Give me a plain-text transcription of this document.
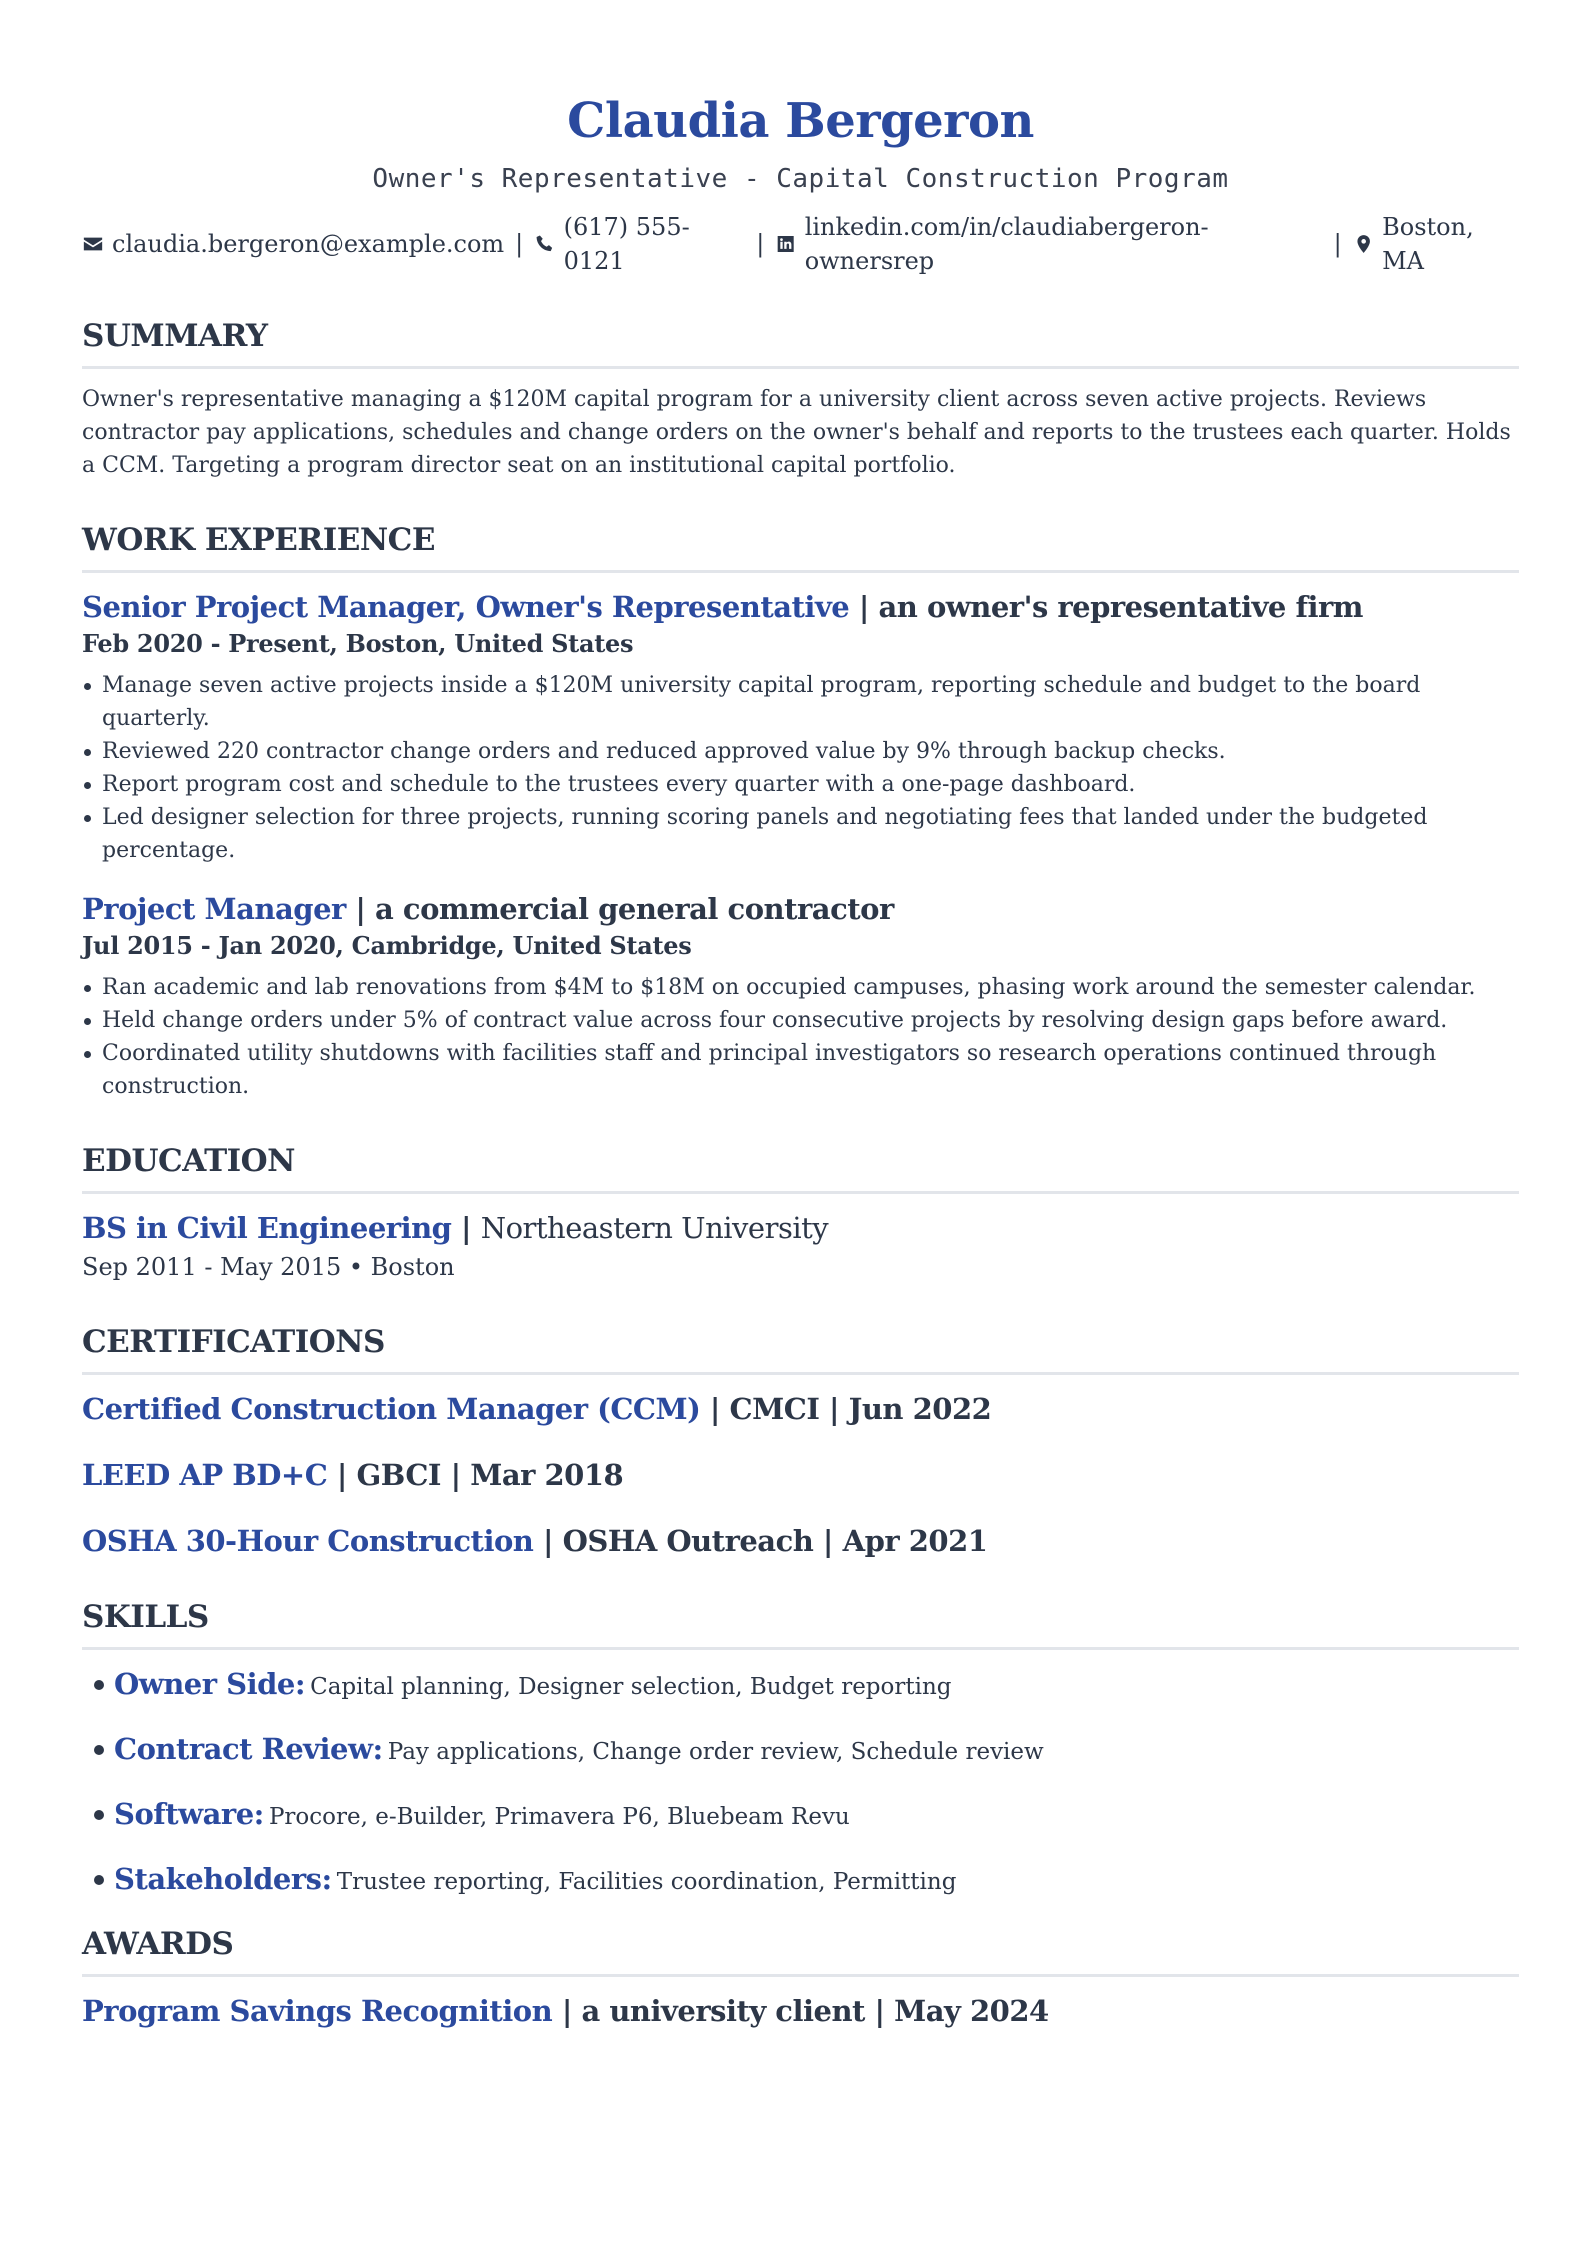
Claudia Bergeron
Owner's Representative - Capital Construction Program
claudia.bergeron@example.com |
(617) 555-0121
|
linkedin.com/in/claudiabergeron-ownersrep
|
Boston, MA
SUMMARY

Owner's representative managing a $120M capital program for a university client across seven active projects. Reviews contractor pay applications, schedules and change orders on the owner's behalf and reports to the trustees each quarter. Holds a CCM. Targeting a program director seat on an institutional capital portfolio.

WORK EXPERIENCE
Senior Project Manager, Owner's Representative | an owner's representative firm
Feb 2020 - Present, Boston, United States
Manage seven active projects inside a $120M university capital program, reporting schedule and budget to the board quarterly.
Reviewed 220 contractor change orders and reduced approved value by 9% through backup checks.
Report program cost and schedule to the trustees every quarter with a one-page dashboard.
Led designer selection for three projects, running scoring panels and negotiating fees that landed under the budgeted percentage.
Project Manager | a commercial general contractor
Jul 2015 - Jan 2020, Cambridge, United States
Ran academic and lab renovations from $4M to $18M on occupied campuses, phasing work around the semester calendar.
Held change orders under 5% of contract value across four consecutive projects by resolving design gaps before award.
Coordinated utility shutdowns with facilities staff and principal investigators so research operations continued through construction.
EDUCATION
BS in Civil Engineering | Northeastern University
Sep 2011 - May 2015 • Boston
CERTIFICATIONS
Certified Construction Manager (CCM) | CMCI | Jun 2022
LEED AP BD+C | GBCI | Mar 2018
OSHA 30-Hour Construction | OSHA Outreach | Apr 2021
SKILLS
Owner Side: Capital planning, Designer selection, Budget reporting
Contract Review: Pay applications, Change order review, Schedule review
Software: Procore, e-Builder, Primavera P6, Bluebeam Revu
Stakeholders: Trustee reporting, Facilities coordination, Permitting
AWARDS
Program Savings Recognition | a university client | May 2024
